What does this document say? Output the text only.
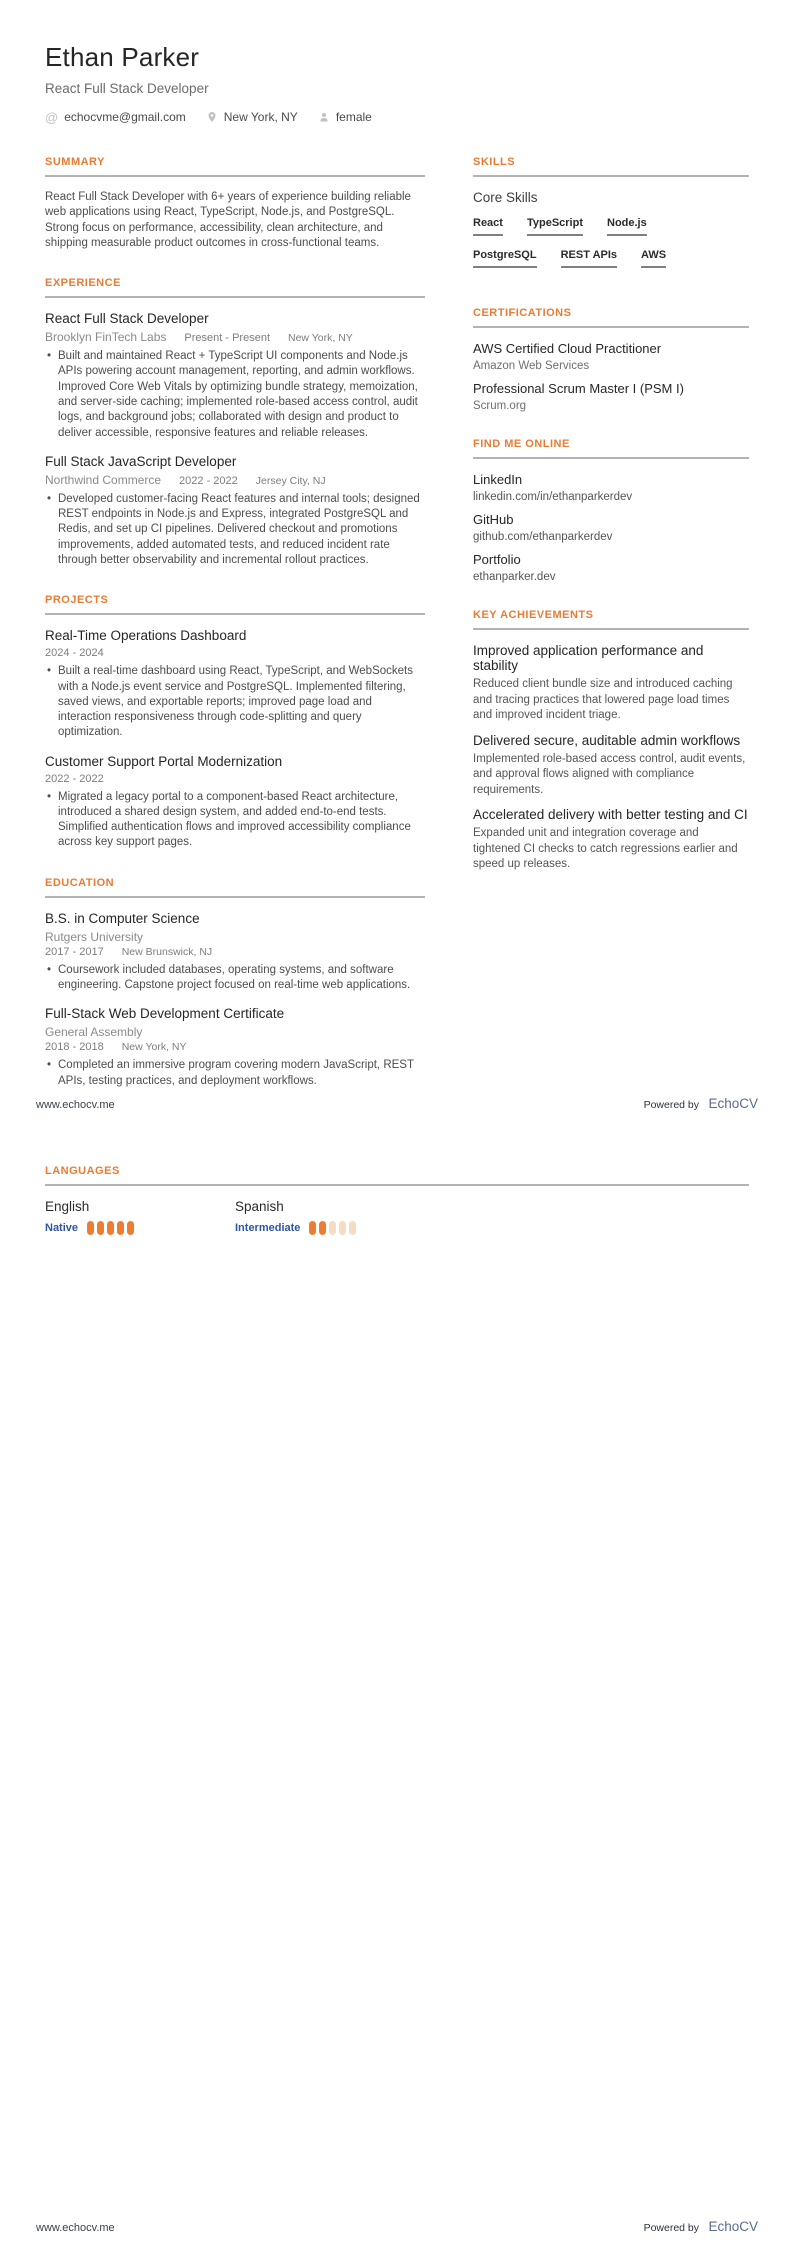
Ethan Parker
React Full Stack Developer
@ echocvme@gmail.com	New York, NY	female
SUMMARY

React Full Stack Developer with 6+ years of experience building reliable web applications using React, TypeScript, Node.js, and PostgreSQL. Strong focus on performance, accessibility, clean architecture, and shipping measurable product outcomes in cross-functional teams.

EXPERIENCE
React Full Stack Developer
Brooklyn FinTech Labs Present - Present New York, NY
• Built and maintained React + TypeScript UI components and Node.js APIs powering account management, reporting, and admin workflows. Improved Core Web Vitals by optimizing bundle strategy, memoization, and server-side caching; implemented role-based access control, audit logs, and background jobs; collaborated with design and product to deliver accessible, responsive features and reliable releases.
Full Stack JavaScript Developer
Northwind Commerce 2022 - 2022 Jersey City, NJ
• Developed customer-facing React features and internal tools; designed REST endpoints in Node.js and Express, integrated PostgreSQL and Redis, and set up CI pipelines. Delivered checkout and promotions improvements, added automated tests, and reduced incident rate through better observability and incremental rollout practices.
PROJECTS
Real-Time Operations Dashboard
2024 - 2024
• Built a real-time dashboard using React, TypeScript, and WebSockets with a Node.js event service and PostgreSQL. Implemented filtering, saved views, and exportable reports; improved page load and interaction responsiveness through code-splitting and query optimization.
Customer Support Portal Modernization
2022 - 2022
• Migrated a legacy portal to a component-based React architecture, introduced a shared design system, and added end-to-end tests. Simplified authentication flows and improved accessibility compliance across key support pages.
EDUCATION
B.S. in Computer Science
Rutgers University
2017 - 2017 New Brunswick, NJ
• Coursework included databases, operating systems, and software engineering. Capstone project focused on real-time web applications.
Full-Stack Web Development Certificate
General Assembly
2018 - 2018 New York, NY
• Completed an immersive program covering modern JavaScript, REST APIs, testing practices, and deployment workflows.
SKILLS
Core Skills
React TypeScript Node.js
PostgreSQL REST APIs AWS
CERTIFICATIONS
AWS Certified Cloud Practitioner
Amazon Web Services
Professional Scrum Master I (PSM I)
Scrum.org
FIND ME ONLINE
LinkedIn
linkedin.com/in/ethanparkerdev
GitHub
github.com/ethanparkerdev
Portfolio
ethanparker.dev
KEY ACHIEVEMENTS
Improved application performance and stability
Reduced client bundle size and introduced caching and tracing practices that lowered page load times and improved incident triage.
Delivered secure, auditable admin workflows
Implemented role-based access control, audit events, and approval flows aligned with compliance requirements.
Accelerated delivery with better testing and CI
Expanded unit and integration coverage and tightened CI checks to catch regressions earlier and speed up releases.
www.echocv.me	Powered by EchoCV
LANGUAGES
English
Native
Spanish
Intermediate
www.echocv.me	Powered by EchoCV
